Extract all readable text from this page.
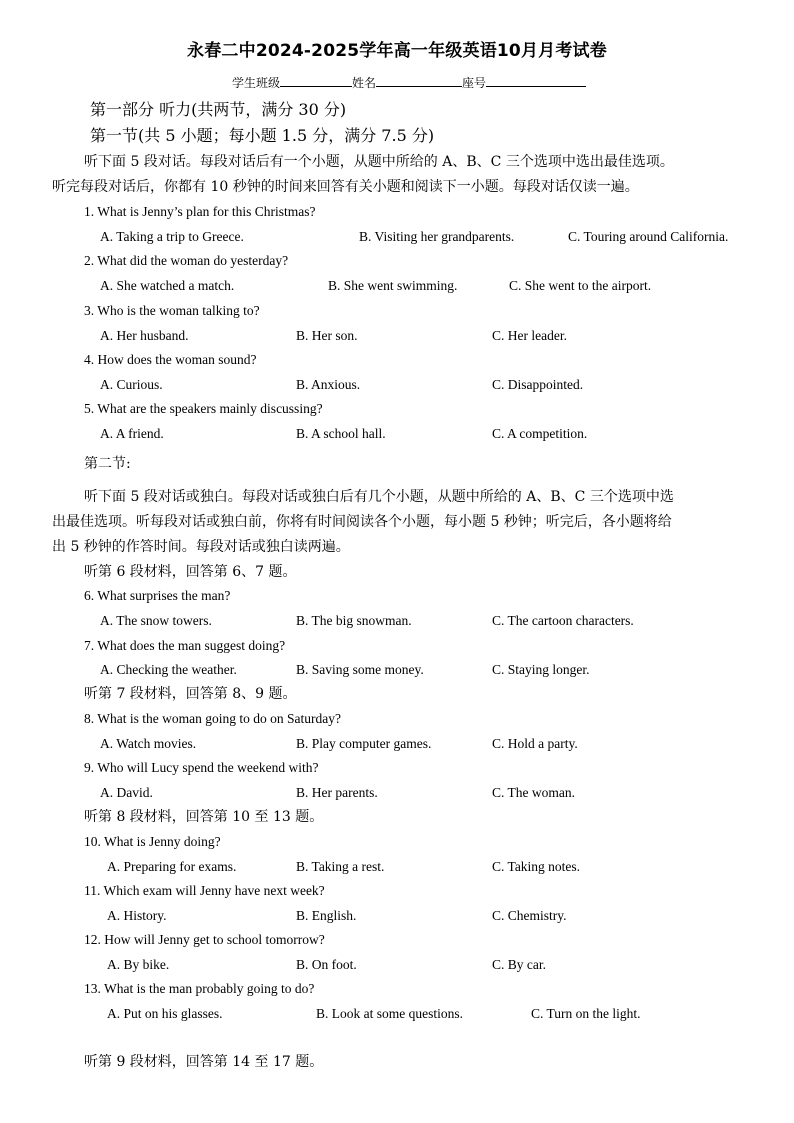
永春二中2024-2025学年高一年级英语10月月考试卷
学生班级	姓名	座号
第一部分 听力(共两节，满分 30 分)
第一节(共 5 小题；每小题 1.5 分，满分 7.5 分)
听下面 5 段对话。每段对话后有一个小题，从题中所给的 A、B、C 三个选项中选出最佳选项。
听完每段对话后，你都有 10 秒钟的时间来回答有关小题和阅读下一小题。每段对话仅读一遍。
1. What is Jenny’s plan for this Christmas?
A. Taking a trip to Greece.	B. Visiting her grandparents.	C. Touring around California.
2. What did the woman do yesterday?
A. She watched a match.	B. She went swimming.	C. She went to the airport.
3. Who is the woman talking to?
A. Her husband.	B. Her son.	C. Her leader.
4. How does the woman sound?
A. Curious.	B. Anxious.	C. Disappointed.
5. What are the speakers mainly discussing?
A. A friend.	B. A school hall.	C. A competition.
第二节:
听下面 5 段对话或独白。每段对话或独白后有几个小题，从题中所给的 A、B、C 三个选项中选
出最佳选项。听每段对话或独白前，你将有时间阅读各个小题，每小题 5 秒钟；听完后，各小题将给
出 5 秒钟的作答时间。每段对话或独白读两遍。
听第 6 段材料，回答第 6、7 题。
6. What surprises the man?
A. The snow towers.	B. The big snowman.	C. The cartoon characters.
7. What does the man suggest doing?
A. Checking the weather.	B. Saving some money.	C. Staying longer.
听第 7 段材料，回答第 8、9 题。
8. What is the woman going to do on Saturday?
A. Watch movies.	B. Play computer games.	C. Hold a party.
9. Who will Lucy spend the weekend with?
A. David.	B. Her parents.	C. The woman.
听第 8 段材料，回答第 10 至 13 题。
10. What is Jenny doing?
A. Preparing for exams.	B. Taking a rest.	C. Taking notes.
11. Which exam will Jenny have next week?
A. History.	B. English.	C. Chemistry.
12. How will Jenny get to school tomorrow?
A. By bike.	B. On foot.	C. By car.
13. What is the man probably going to do?
A. Put on his glasses.	B. Look at some questions.	C. Turn on the light.
听第 9 段材料，回答第 14 至 17 题。
